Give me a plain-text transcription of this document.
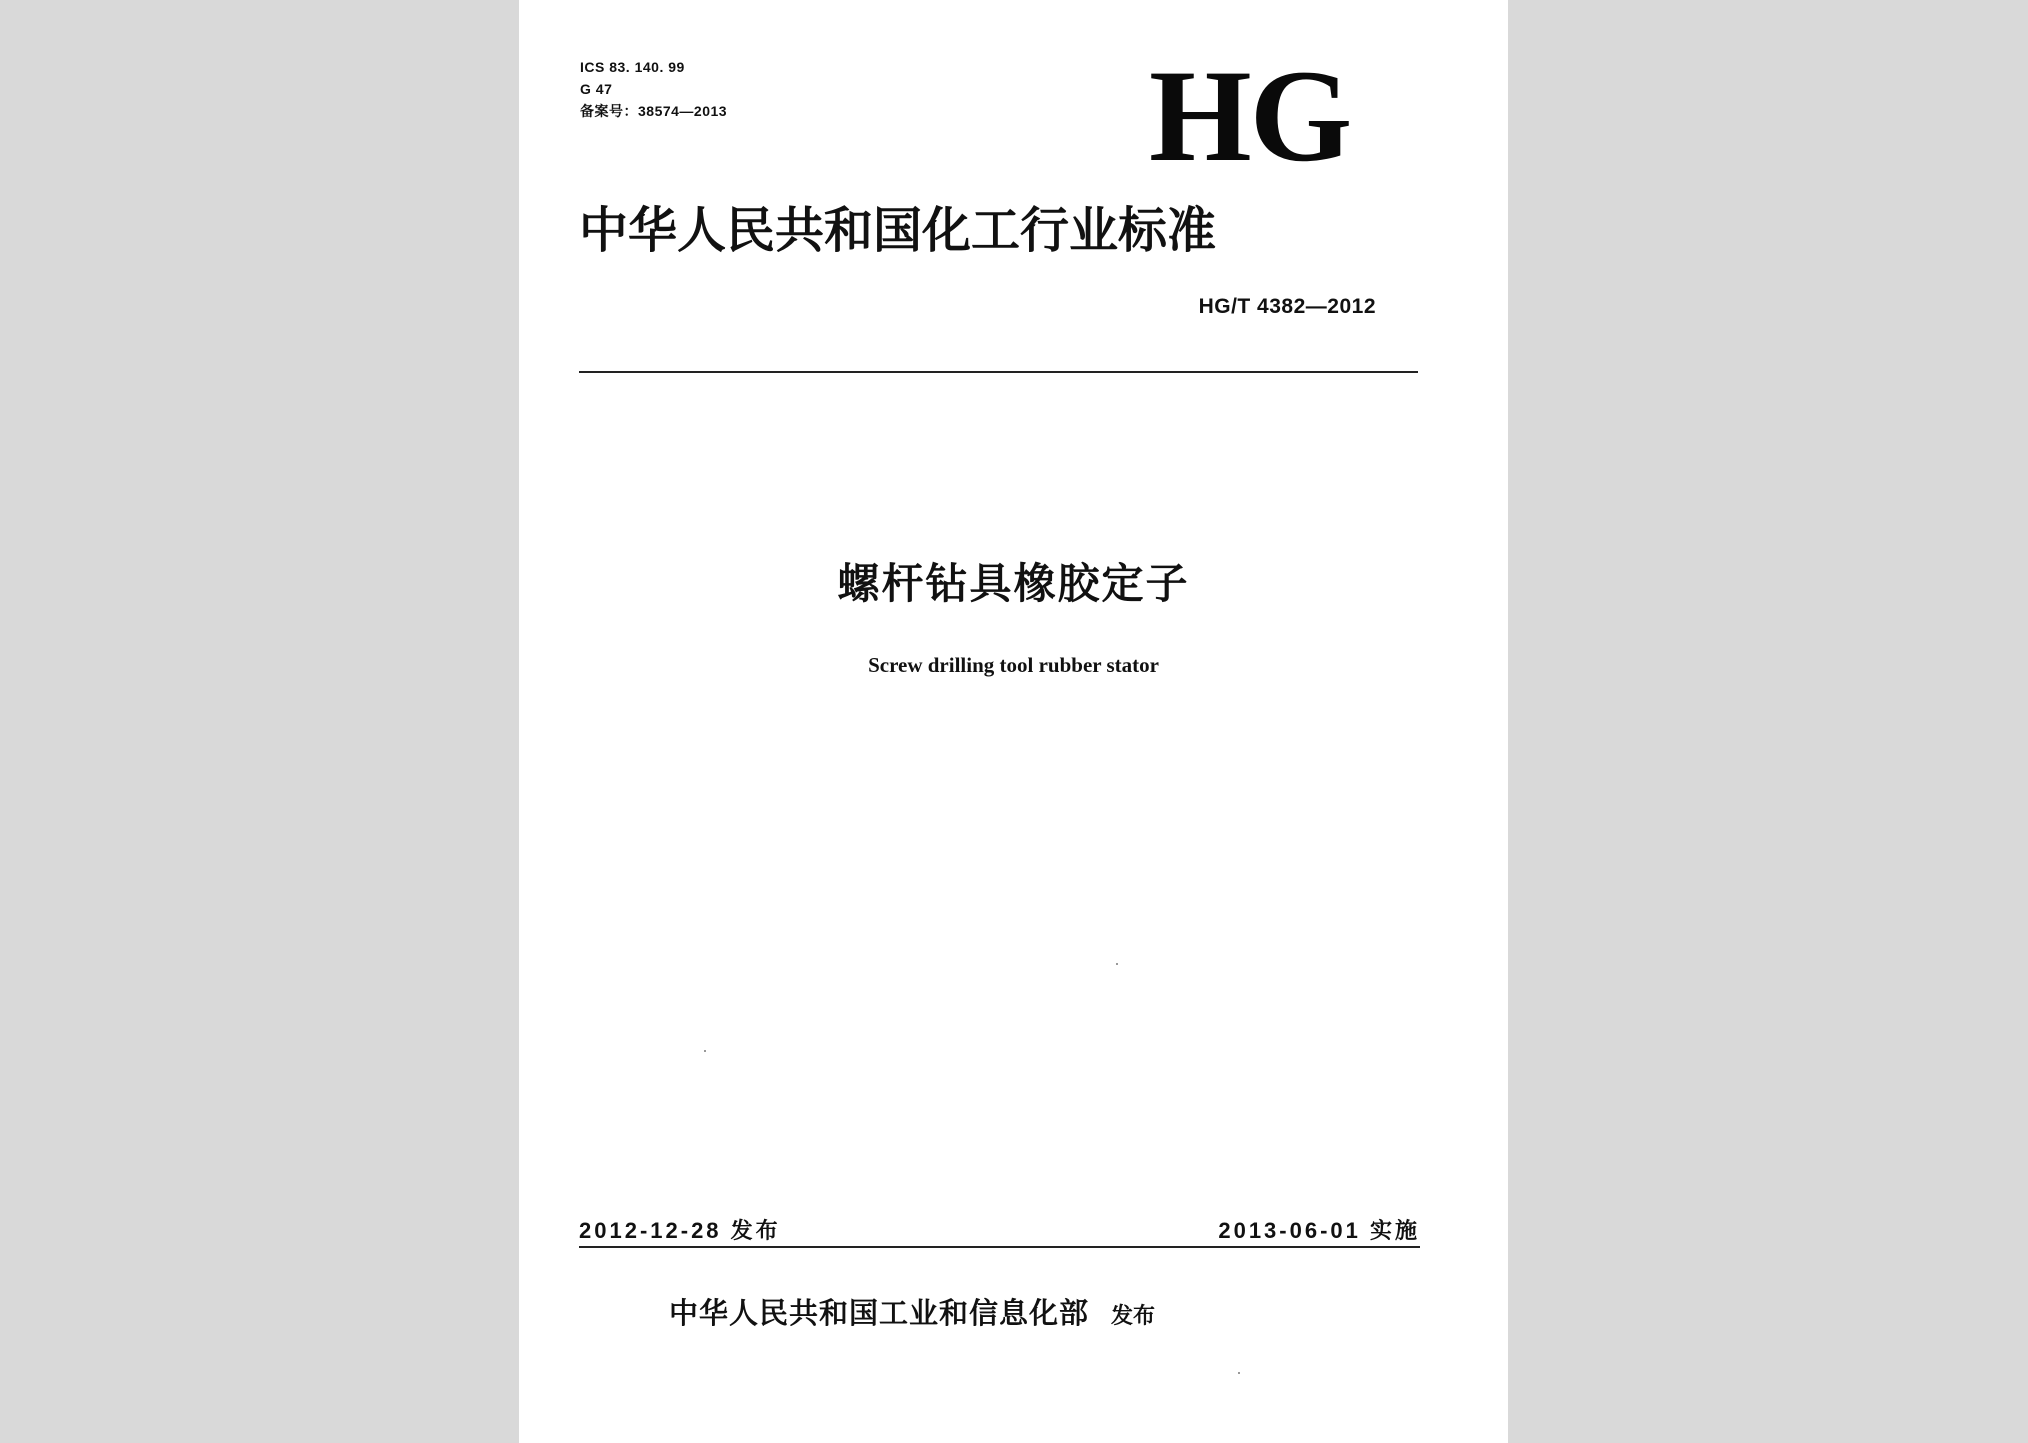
ICS 83. 140. 99
G 47
备案号：38574—2013	HG
中华人民共和国化工行业标准
HG/T 4382—2012
螺杆钻具橡胶定子
Screw drilling tool rubber stator
2012-12-28 发布	2013-06-01 实施
中华人民共和国工业和信息化部 发布
